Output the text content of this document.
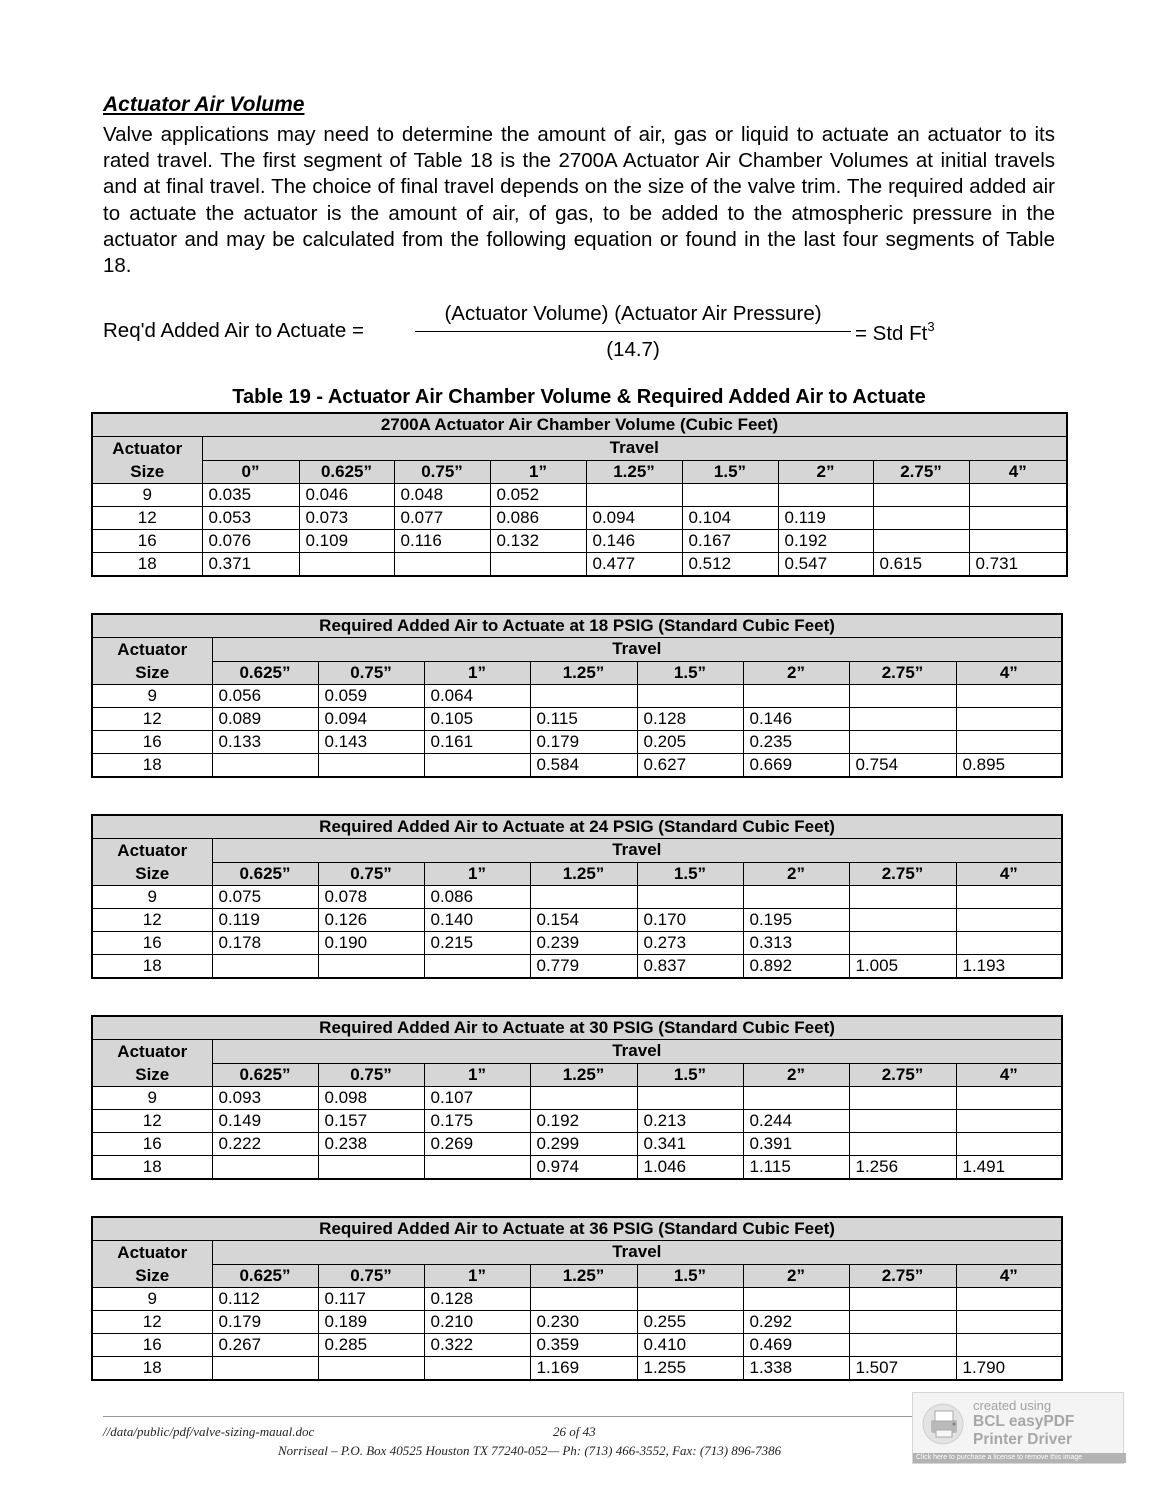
Actuator Air Volume

Valve applications may need to determine the amount of air, gas or liquid to actuate an actuator to its rated travel. The first segment of Table 18 is the 2700A Actuator Air Chamber Volumes at initial travels and at final travel. The choice of final travel depends on the size of the valve trim. The required added air to actuate the actuator is the amount of air, of gas, to be added to the atmospheric pressure in the actuator and may be calculated from the following equation or found in the last four segments of Table 18.

Req'd Added Air to Actuate =
(Actuator Volume) (Actuator Air Pressure)
(14.7)
= Std Ft$^3$
Table 19 - Actuator Air Chamber Volume & Required Added Air to Actuate
2700A Actuator Air Chamber Volume (Cubic Feet)									
Actuator
Size	Travel								
	0”	0.625”	0.75”	1”	1.25”	1.5”	2”	2.75”	4”
9	0.035	0.046	0.048	0.052					
12	0.053	0.073	0.077	0.086	0.094	0.104	0.119		
16	0.076	0.109	0.116	0.132	0.146	0.167	0.192		
18	0.371				0.477	0.512	0.547	0.615	0.731
Required Added Air to Actuate at 18 PSIG (Standard Cubic Feet)								
Actuator
Size	Travel							
	0.625”	0.75”	1”	1.25”	1.5”	2”	2.75”	4”
9	0.056	0.059	0.064					
12	0.089	0.094	0.105	0.115	0.128	0.146		
16	0.133	0.143	0.161	0.179	0.205	0.235		
18				0.584	0.627	0.669	0.754	0.895
Required Added Air to Actuate at 24 PSIG (Standard Cubic Feet)								
Actuator
Size	Travel							
	0.625”	0.75”	1”	1.25”	1.5”	2”	2.75”	4”
9	0.075	0.078	0.086					
12	0.119	0.126	0.140	0.154	0.170	0.195		
16	0.178	0.190	0.215	0.239	0.273	0.313		
18				0.779	0.837	0.892	1.005	1.193
Required Added Air to Actuate at 30 PSIG (Standard Cubic Feet)								
Actuator
Size	Travel							
	0.625”	0.75”	1”	1.25”	1.5”	2”	2.75”	4”
9	0.093	0.098	0.107					
12	0.149	0.157	0.175	0.192	0.213	0.244		
16	0.222	0.238	0.269	0.299	0.341	0.391		
18				0.974	1.046	1.115	1.256	1.491
Required Added Air to Actuate at 36 PSIG (Standard Cubic Feet)								
Actuator
Size	Travel							
	0.625”	0.75”	1”	1.25”	1.5”	2”	2.75”	4”
9	0.112	0.117	0.128					
12	0.179	0.189	0.210	0.230	0.255	0.292		
16	0.267	0.285	0.322	0.359	0.410	0.469		
18				1.169	1.255	1.338	1.507	1.790
//data/public/pdf/valve-sizing-maual.doc	26 of 43
Norriseal – P.O. Box 40525 Houston TX 77240-052— Ph: (713) 466-3552, Fax: (713) 896-7386
created using
BCL easyPDF
Printer Driver
Click here to purchase a license to remove this image
